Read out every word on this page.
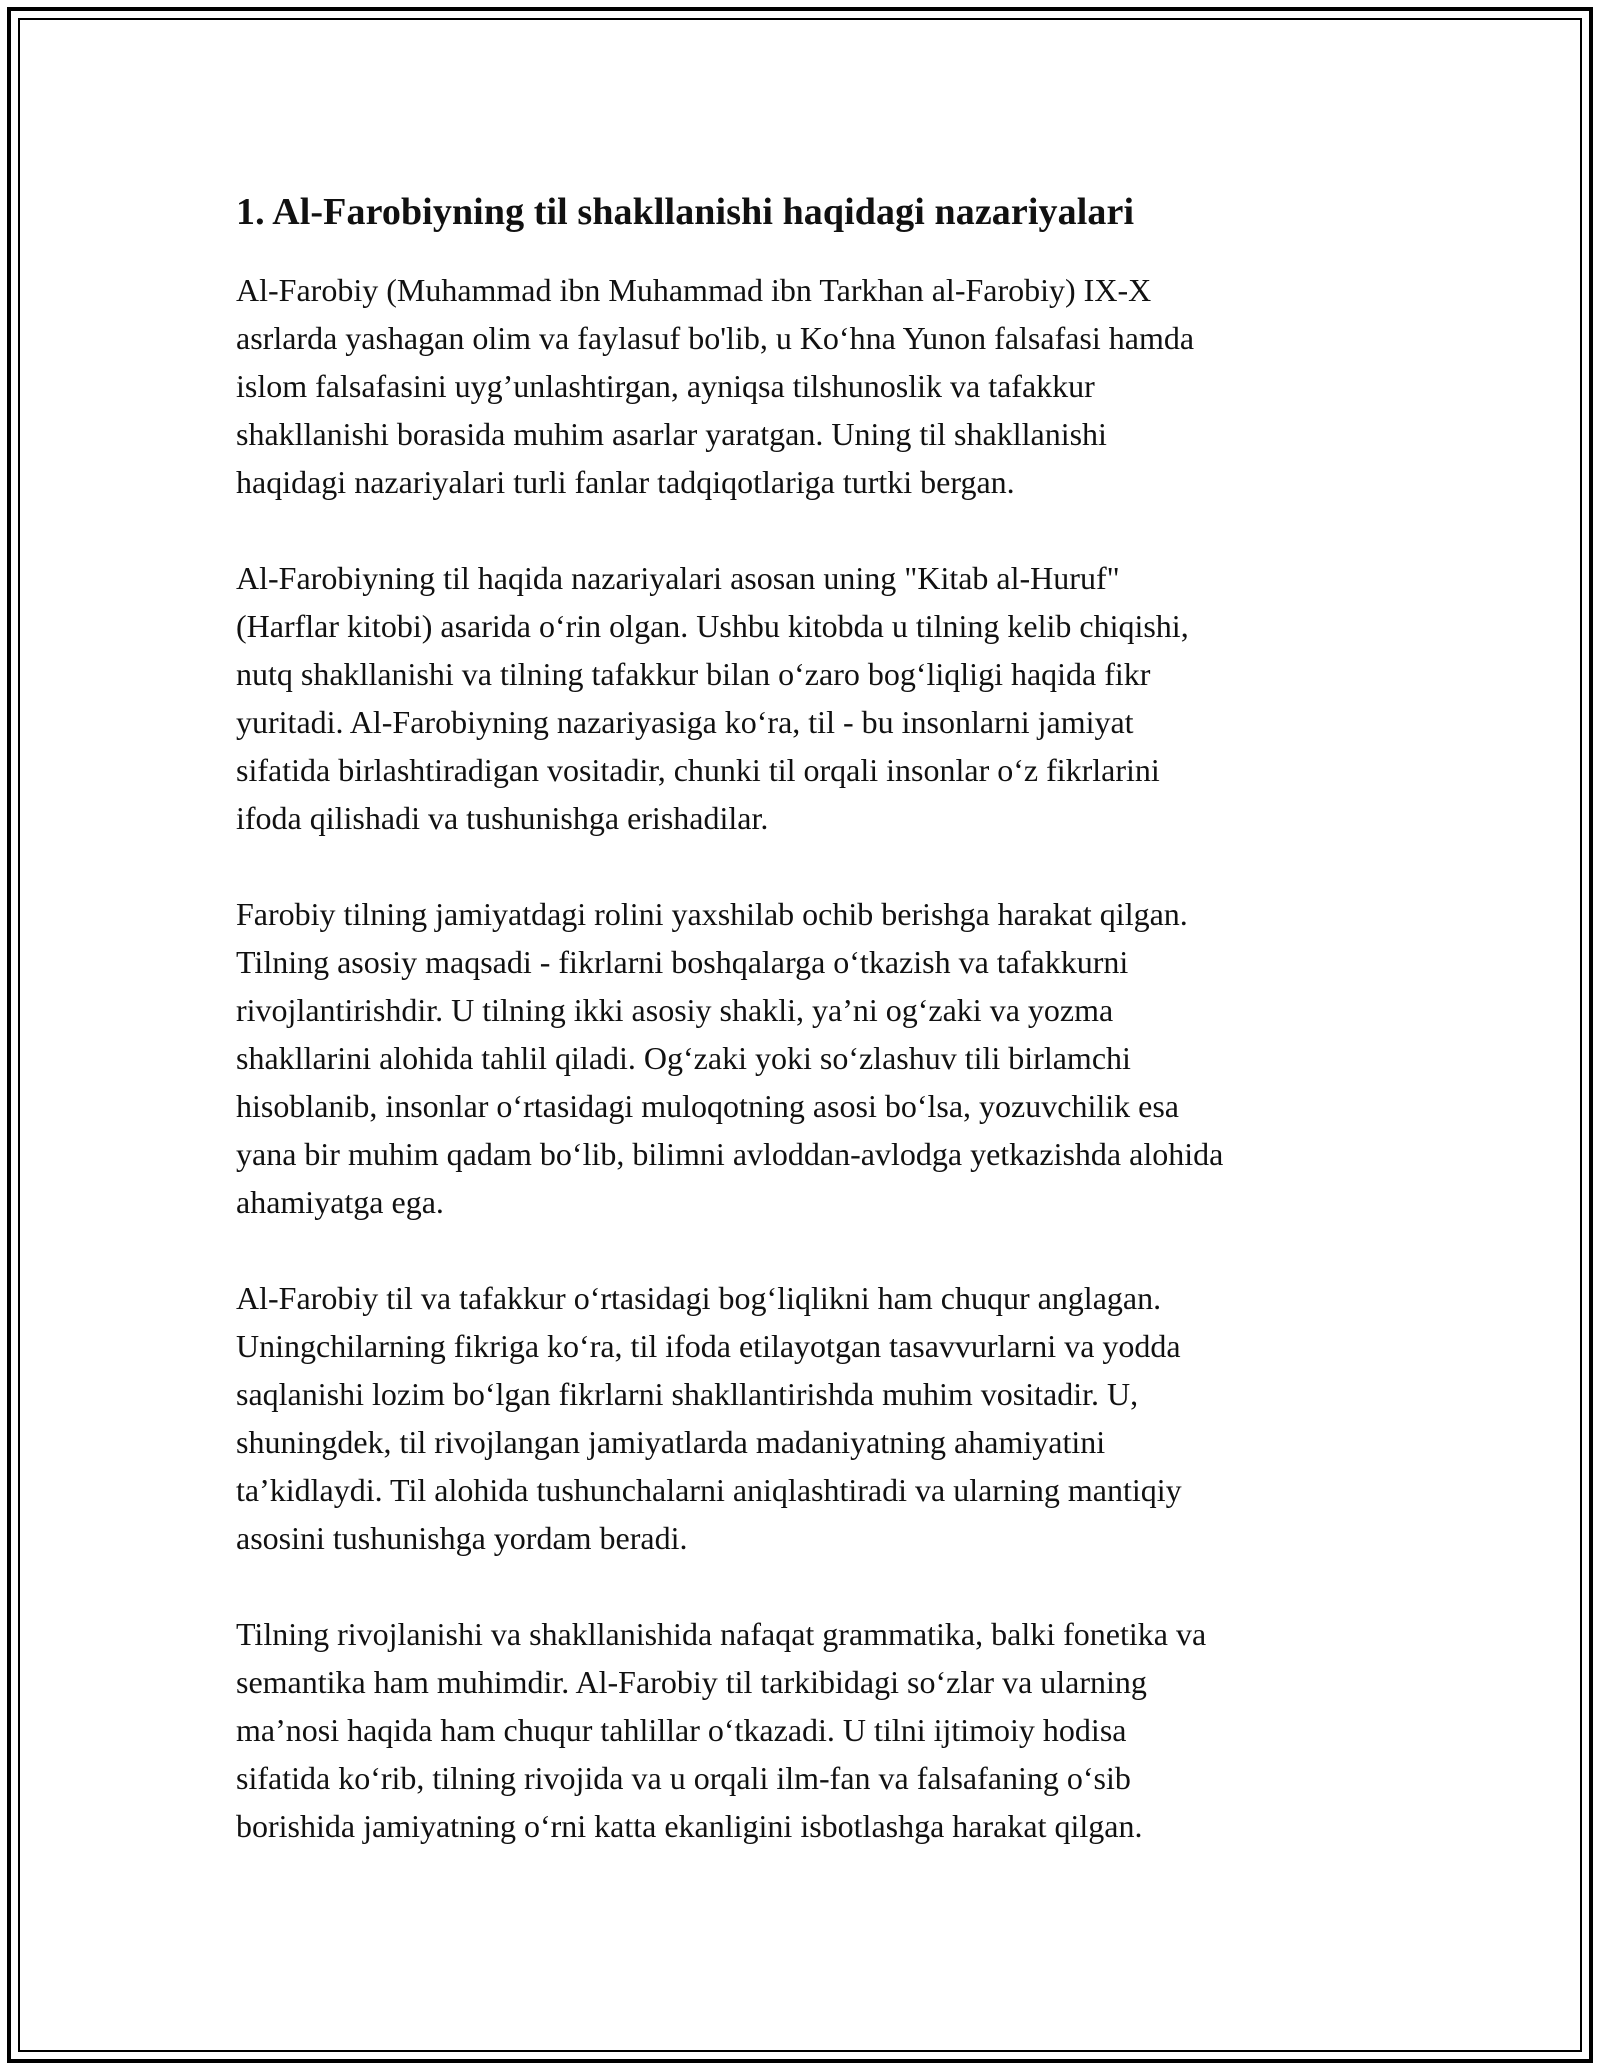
1. Al-Farobiyning til shakllanishi haqidagi nazariyalari

Al-Farobiy (Muhammad ibn Muhammad ibn Tarkhan al-Farobiy) IX-X
asrlarda yashagan olim va faylasuf bo'lib, u Ko‘hna Yunon falsafasi hamda
islom falsafasini uyg’unlashtirgan, ayniqsa tilshunoslik va tafakkur
shakllanishi borasida muhim asarlar yaratgan. Uning til shakllanishi
haqidagi nazariyalari turli fanlar tadqiqotlariga turtki bergan.

Al-Farobiyning til haqida nazariyalari asosan uning "Kitab al-Huruf"
(Harflar kitobi) asarida o‘rin olgan. Ushbu kitobda u tilning kelib chiqishi,
nutq shakllanishi va tilning tafakkur bilan o‘zaro bog‘liqligi haqida fikr
yuritadi. Al-Farobiyning nazariyasiga ko‘ra, til - bu insonlarni jamiyat
sifatida birlashtiradigan vositadir, chunki til orqali insonlar o‘z fikrlarini
ifoda qilishadi va tushunishga erishadilar.

Farobiy tilning jamiyatdagi rolini yaxshilab ochib berishga harakat qilgan.
Tilning asosiy maqsadi - fikrlarni boshqalarga o‘tkazish va tafakkurni
rivojlantirishdir. U tilning ikki asosiy shakli, ya’ni og‘zaki va yozma
shakllarini alohida tahlil qiladi. Og‘zaki yoki so‘zlashuv tili birlamchi
hisoblanib, insonlar o‘rtasidagi muloqotning asosi bo‘lsa, yozuvchilik esa
yana bir muhim qadam bo‘lib, bilimni avloddan-avlodga yetkazishda alohida
ahamiyatga ega.

Al-Farobiy til va tafakkur o‘rtasidagi bog‘liqlikni ham chuqur anglagan.
Uningchilarning fikriga ko‘ra, til ifoda etilayotgan tasavvurlarni va yodda
saqlanishi lozim bo‘lgan fikrlarni shakllantirishda muhim vositadir. U,
shuningdek, til rivojlangan jamiyatlarda madaniyatning ahamiyatini
ta’kidlaydi. Til alohida tushunchalarni aniqlashtiradi va ularning mantiqiy
asosini tushunishga yordam beradi.

Tilning rivojlanishi va shakllanishida nafaqat grammatika, balki fonetika va
semantika ham muhimdir. Al-Farobiy til tarkibidagi so‘zlar va ularning
ma’nosi haqida ham chuqur tahlillar o‘tkazadi. U tilni ijtimoiy hodisa
sifatida ko‘rib, tilning rivojida va u orqali ilm-fan va falsafaning o‘sib
borishida jamiyatning o‘rni katta ekanligini isbotlashga harakat qilgan.
